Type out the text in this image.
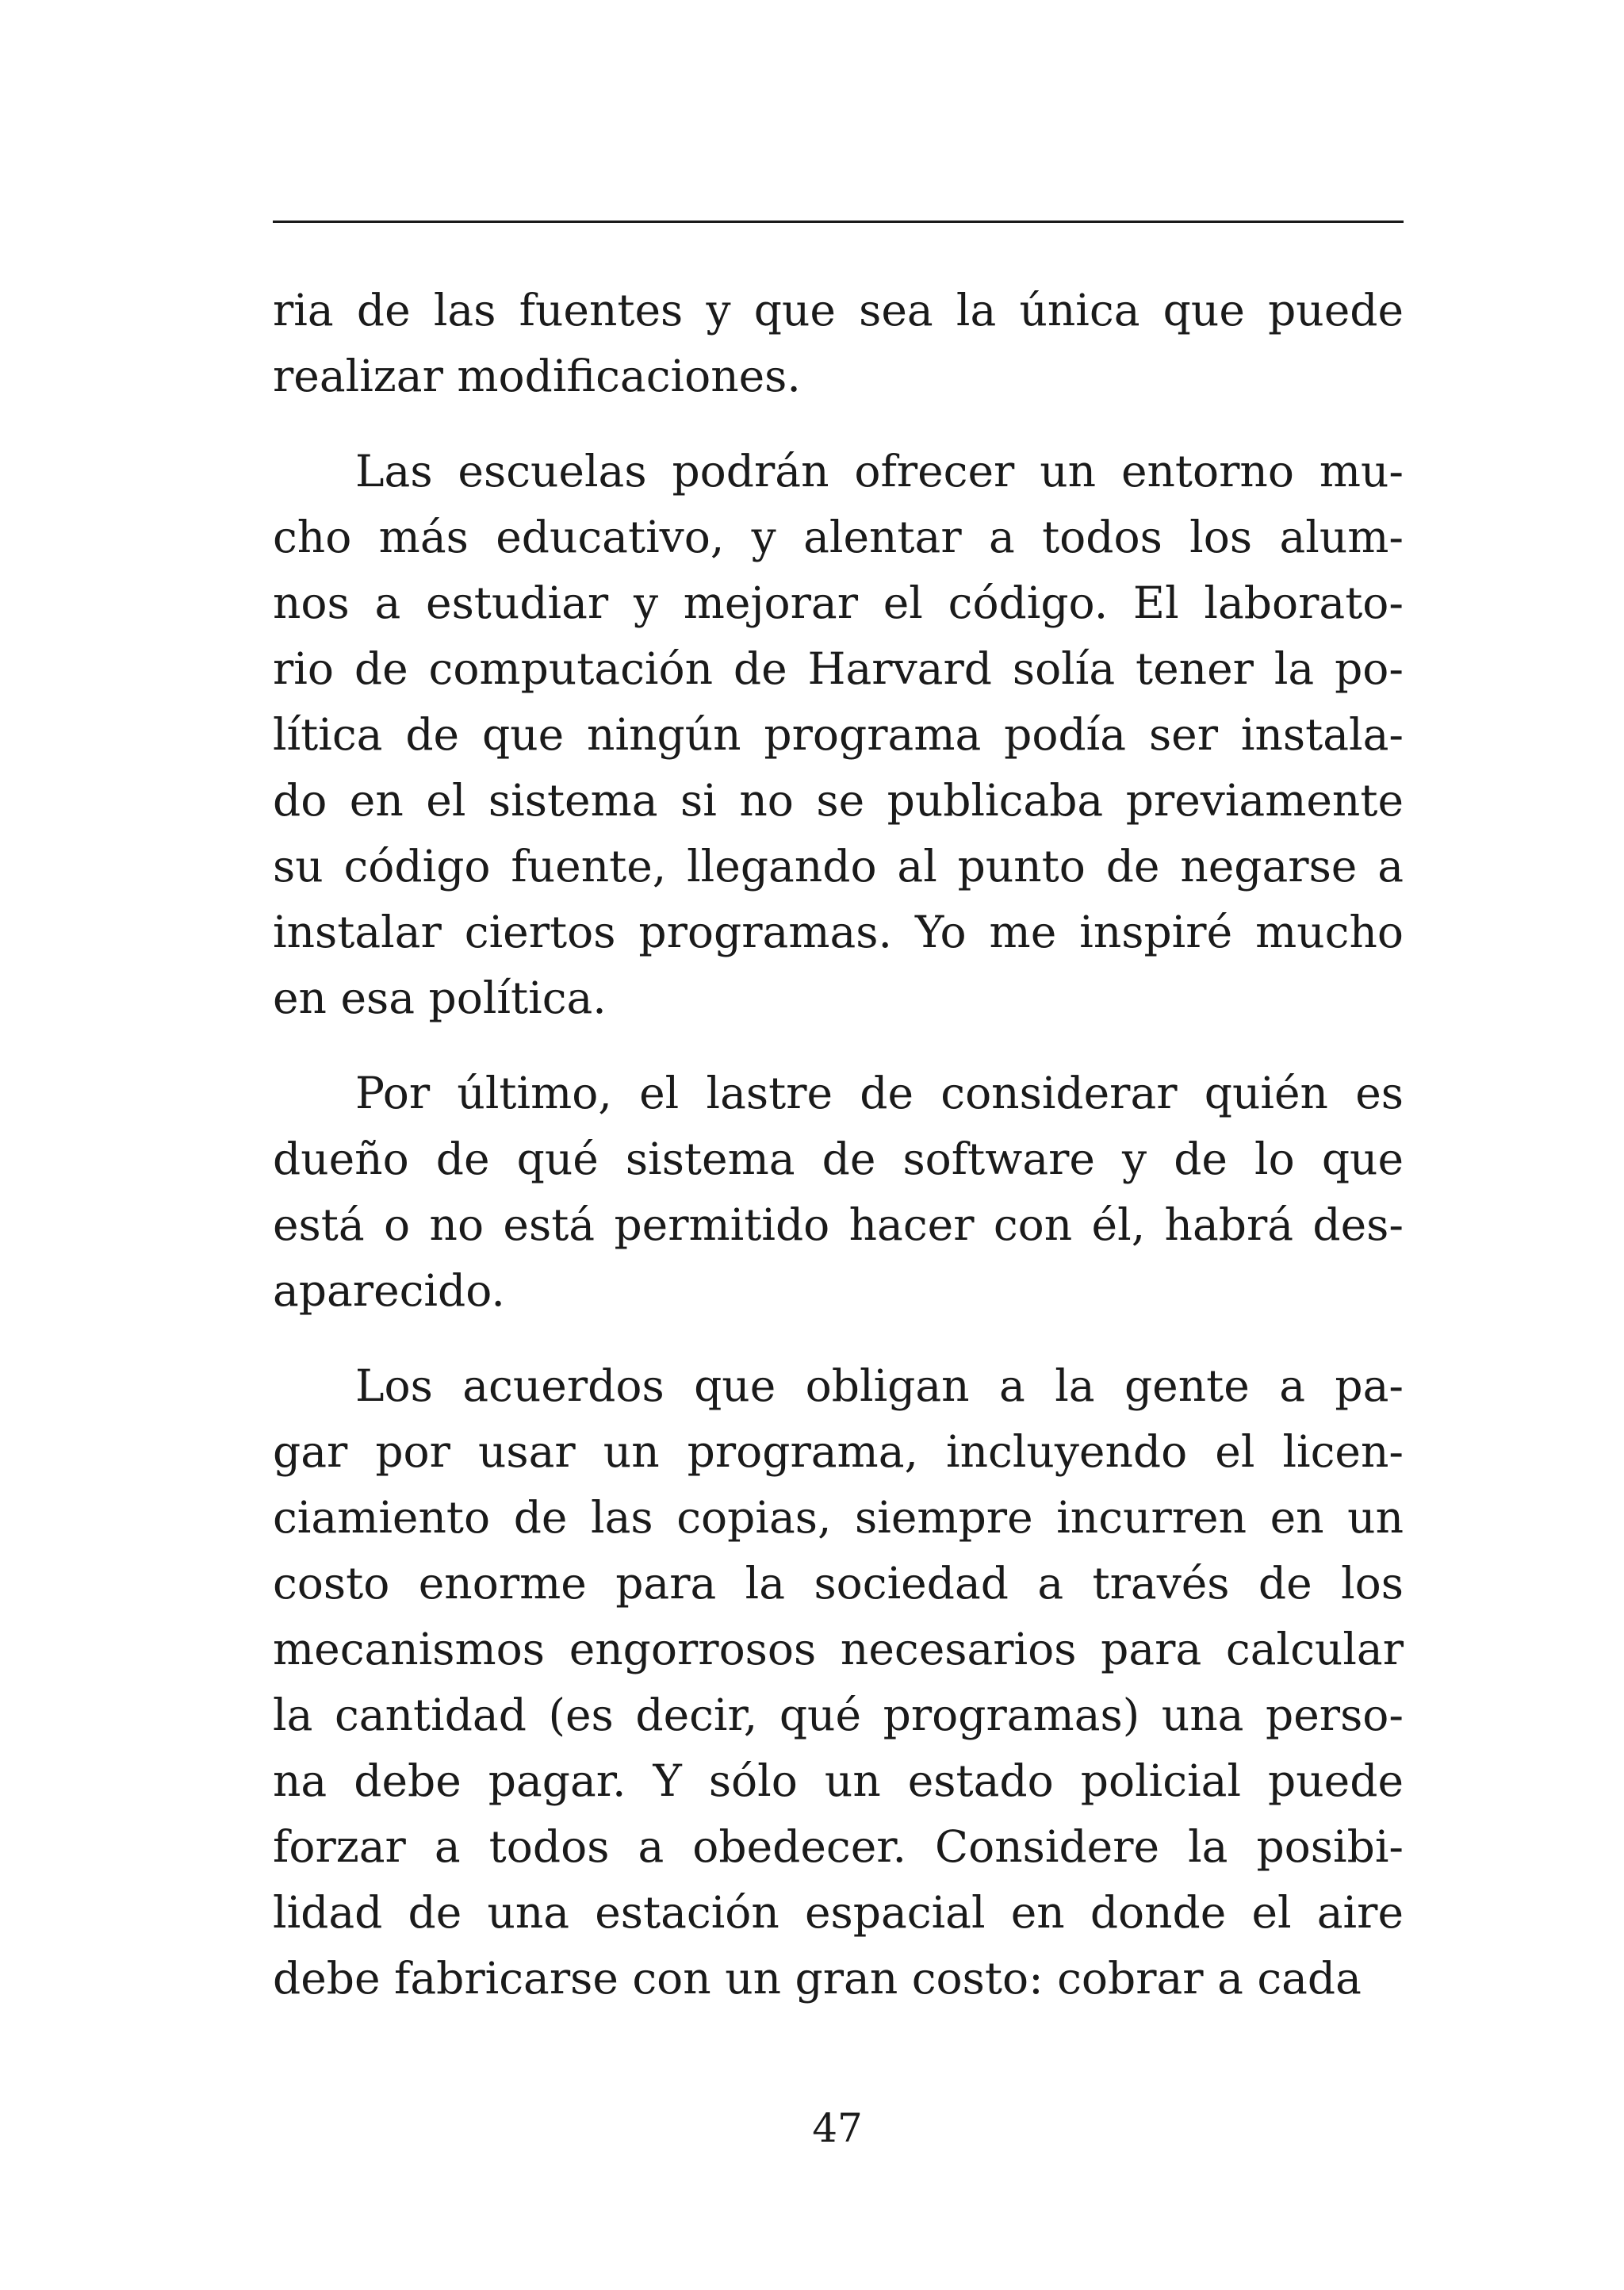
ria de las fuentes y que sea la única que puede
realizar modificaciones.
Las escuelas podrán ofrecer un entorno mu-
cho más educativo, y alentar a todos los alum-
nos a estudiar y mejorar el código. El laborato-
rio de computación de Harvard solía tener la po-
lítica de que ningún programa podía ser instala-
do en el sistema si no se publicaba previamente
su código fuente, llegando al punto de negarse a
instalar ciertos programas. Yo me inspiré mucho
en esa política.
Por último, el lastre de considerar quién es
dueño de qué sistema de software y de lo que
está o no está permitido hacer con él, habrá des-
aparecido.
Los acuerdos que obligan a la gente a pa-
gar por usar un programa, incluyendo el licen-
ciamiento de las copias, siempre incurren en un
costo enorme para la sociedad a través de los
mecanismos engorrosos necesarios para calcular
la cantidad (es decir, qué programas) una perso-
na debe pagar. Y sólo un estado policial puede
forzar a todos a obedecer. Considere la posibi-
lidad de una estación espacial en donde el aire
debe fabricarse con un gran costo: cobrar a cada
47
